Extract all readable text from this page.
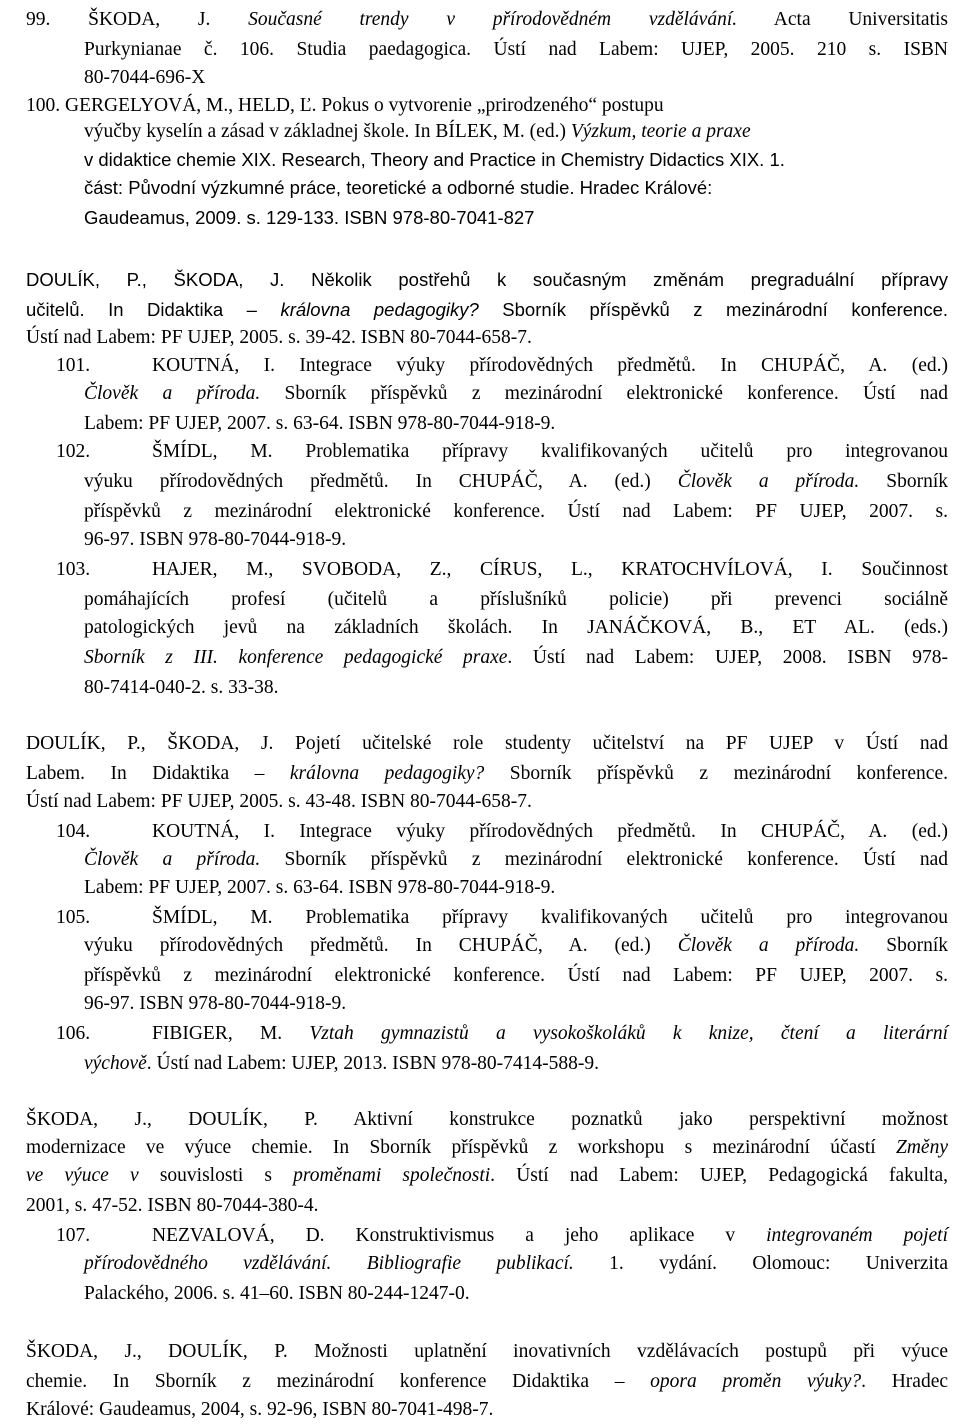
99. ŠKODA, J. Současné trendy v přírodovědném vzdělávání. Acta Universitatis
Purkynianae č. 106. Studia paedagogica. Ústí nad Labem: UJEP, 2005. 210 s. ISBN
80-7044-696-X
100. GERGELYOVÁ, M., HELD, Ľ. Pokus o vytvorenie „prirodzeného“ postupu
výučby kyselín a zásad v základnej škole. In BÍLEK, M. (ed.) Výzkum, teorie a praxe
v didaktice chemie XIX. Research, Theory and Practice in Chemistry Didactics XIX. 1.
část: Původní výzkumné práce, teoretické a odborné studie. Hradec Králové:
Gaudeamus, 2009. s. 129-133. ISBN 978-80-7041-827
DOULÍK, P., ŠKODA, J. Několik postřehů k současným změnám pregraduální přípravy
učitelů. In Didaktika – královna pedagogiky? Sborník příspěvků z mezinárodní konference.
Ústí nad Labem: PF UJEP, 2005. s. 39-42. ISBN 80-7044-658-7.
101.	KOUTNÁ, I. Integrace výuky přírodovědných předmětů. In CHUPÁČ, A. (ed.)
Člověk a příroda. Sborník příspěvků z mezinárodní elektronické konference. Ústí nad
Labem: PF UJEP, 2007. s. 63-64. ISBN 978-80-7044-918-9.
102.	ŠMÍDL, M. Problematika přípravy kvalifikovaných učitelů pro integrovanou
výuku přírodovědných předmětů. In CHUPÁČ, A. (ed.) Člověk a příroda. Sborník
příspěvků z mezinárodní elektronické konference. Ústí nad Labem: PF UJEP, 2007. s.
96-97. ISBN 978-80-7044-918-9.
103.	HAJER, M., SVOBODA, Z., CÍRUS, L., KRATOCHVÍLOVÁ, I. Součinnost
pomáhajících profesí (učitelů a příslušníků policie) při prevenci sociálně
patologických jevů na základních školách. In JANÁČKOVÁ, B., ET AL. (eds.)
Sborník z III. konference pedagogické praxe. Ústí nad Labem: UJEP, 2008. ISBN 978-
80-7414-040-2. s. 33-38.
DOULÍK, P., ŠKODA, J. Pojetí učitelské role studenty učitelství na PF UJEP v Ústí nad
Labem. In Didaktika – královna pedagogiky? Sborník příspěvků z mezinárodní konference.
Ústí nad Labem: PF UJEP, 2005. s. 43-48. ISBN 80-7044-658-7.
104.	KOUTNÁ, I. Integrace výuky přírodovědných předmětů. In CHUPÁČ, A. (ed.)
Člověk a příroda. Sborník příspěvků z mezinárodní elektronické konference. Ústí nad
Labem: PF UJEP, 2007. s. 63-64. ISBN 978-80-7044-918-9.
105.	ŠMÍDL, M. Problematika přípravy kvalifikovaných učitelů pro integrovanou
výuku přírodovědných předmětů. In CHUPÁČ, A. (ed.) Člověk a příroda. Sborník
příspěvků z mezinárodní elektronické konference. Ústí nad Labem: PF UJEP, 2007. s.
96-97. ISBN 978-80-7044-918-9.
106.	FIBIGER, M. Vztah gymnazistů a vysokoškoláků k knize, čtení a literární
výchově. Ústí nad Labem: UJEP, 2013. ISBN 978-80-7414-588-9.
ŠKODA, J., DOULÍK, P. Aktivní konstrukce poznatků jako perspektivní možnost
modernizace ve výuce chemie. In Sborník příspěvků z workshopu s mezinárodní účastí Změny
ve výuce v souvislosti s proměnami společnosti. Ústí nad Labem: UJEP, Pedagogická fakulta,
2001, s. 47-52. ISBN 80-7044-380-4.
107.	NEZVALOVÁ, D. Konstruktivismus a jeho aplikace v integrovaném pojetí
přírodovědného vzdělávání. Bibliografie publikací. 1. vydání. Olomouc: Univerzita
Palackého, 2006. s. 41–60. ISBN 80-244-1247-0.
ŠKODA, J., DOULÍK, P. Možnosti uplatnění inovativních vzdělávacích postupů při výuce
chemie. In Sborník z mezinárodní konference Didaktika – opora proměn výuky?. Hradec
Králové: Gaudeamus, 2004, s. 92-96, ISBN 80-7041-498-7.
